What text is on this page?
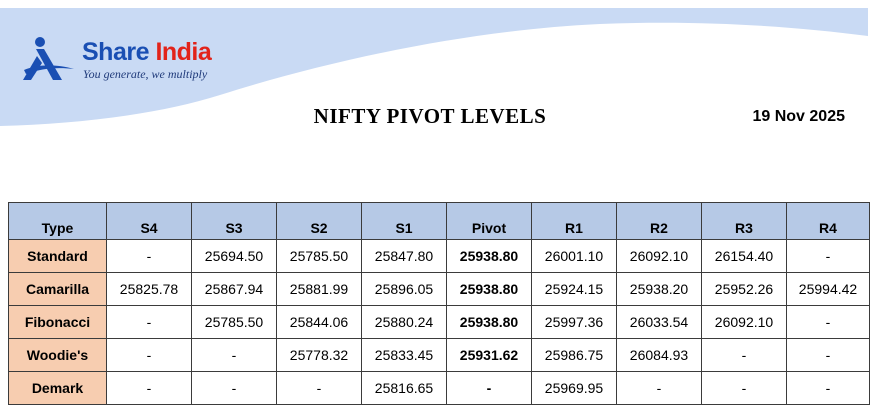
Share India
You generate, we multiply
NIFTY PIVOT LEVELS	19 Nov 2025
Type	S4	S3	S2	S1	Pivot	R1	R2	R3	R4
Standard	-	25694.50	25785.50	25847.80	25938.80	26001.10	26092.10	26154.40	-
Camarilla	25825.78	25867.94	25881.99	25896.05	25938.80	25924.15	25938.20	25952.26	25994.42
Fibonacci	-	25785.50	25844.06	25880.24	25938.80	25997.36	26033.54	26092.10	-
Woodie's	-	-	25778.32	25833.45	25931.62	25986.75	26084.93	-	-
Demark	-	-	-	25816.65	-	25969.95	-	-	-
